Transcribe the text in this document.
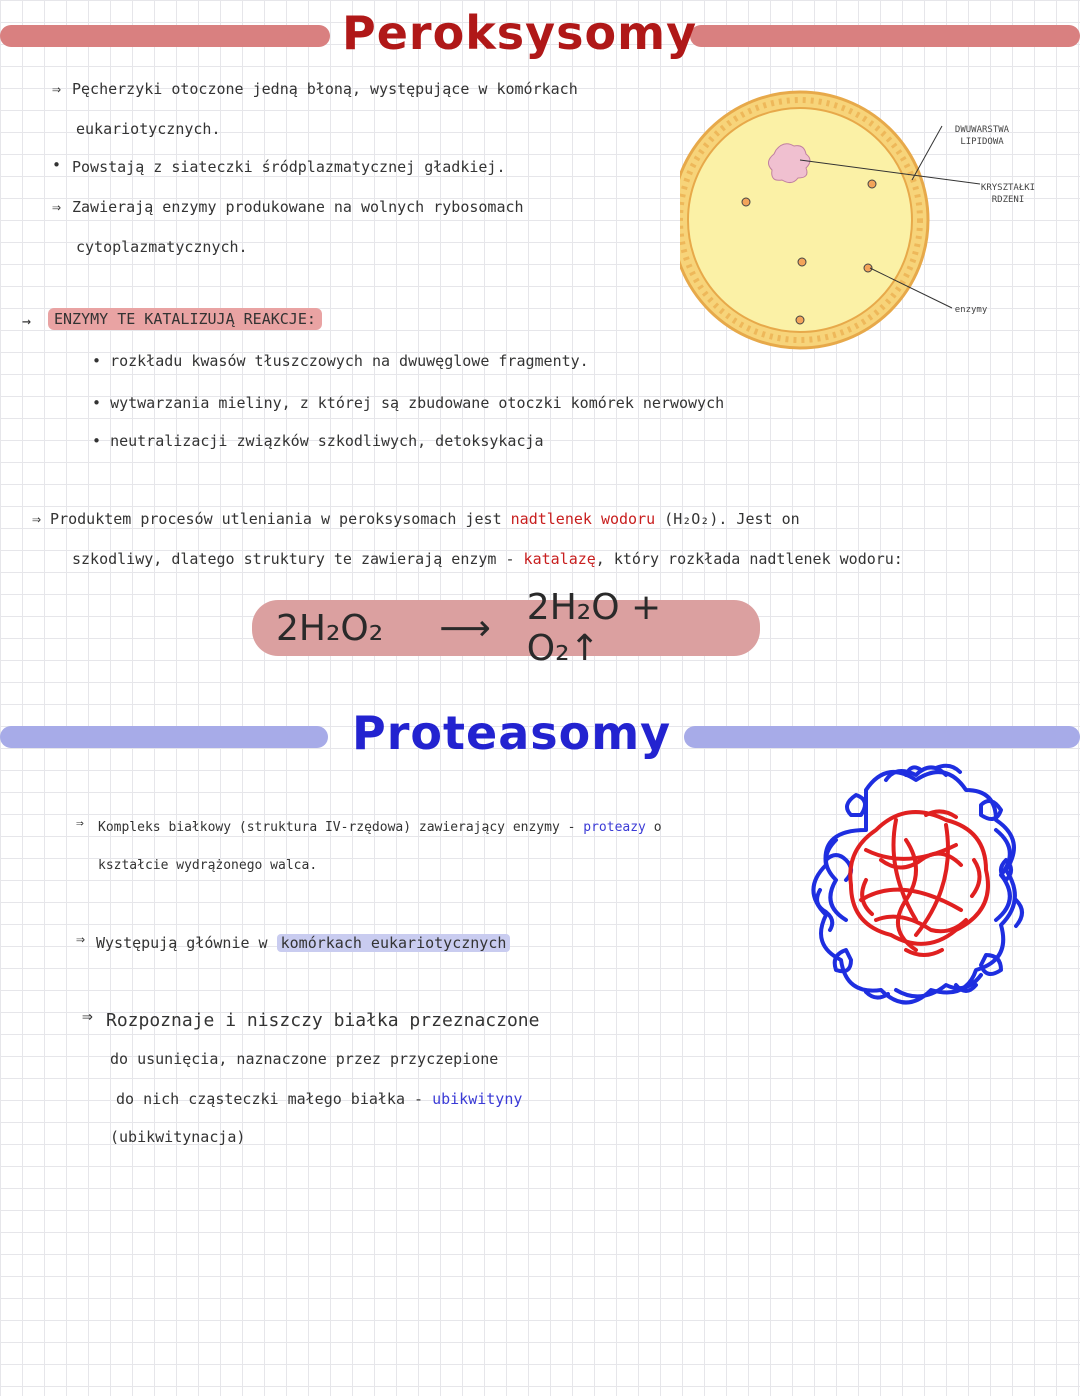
Peroksysomy
⇒ Pęcherzyki otoczone jedną błoną, występujące w komórkach
eukariotycznych.
• Powstają z siateczki śródplazmatycznej gładkiej.
⇒ Zawierają enzymy produkowane na wolnych rybosomach
cytoplazmatycznych.
DWUWARSTWA LIPIDOWA
KRYSZTAŁKI RDZENI
enzymy
→	ENZYMY TE KATALIZUJĄ REAKCJE:
• rozkładu kwasów tłuszczowych na dwuwęglowe fragmenty.
• wytwarzania mieliny, z której są zbudowane otoczki komórek nerwowych
• neutralizacji związków szkodliwych, detoksykacja
⇒ Produktem procesów utleniania w peroksysomach jest nadtlenek wodoru (H₂O₂). Jest on
szkodliwy, dlatego struktury te zawierają enzym - katalazę, który rozkłada nadtlenek wodoru:
2H₂O₂ ⟶ 2H₂O + O₂↑
Proteasomy
⇒ Kompleks białkowy (struktura IV-rzędowa) zawierający enzymy - proteazy o
kształcie wydrążonego walca.
⇒ Występują głównie w komórkach eukariotycznych
⇒ Rozpoznaje i niszczy białka przeznaczone
do usunięcia, naznaczone przez przyczepione
do nich cząsteczki małego białka - ubikwityny
(ubikwitynacja)
